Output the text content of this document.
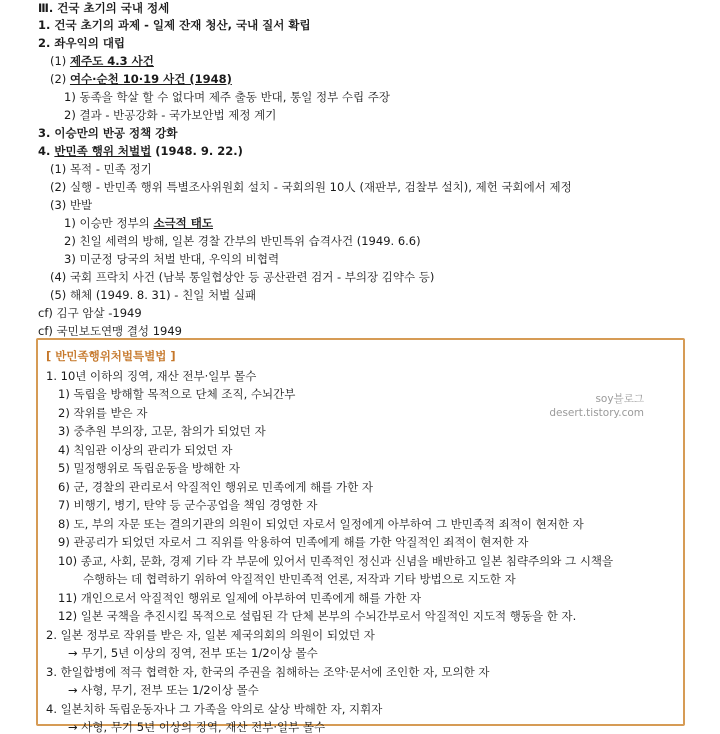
Ⅲ. 건국 초기의 국내 정세
1. 건국 초기의 과제 - 일제 잔재 청산, 국내 질서 확립
2. 좌우익의 대립
(1) 제주도 4.3 사건
(2) 여수·순천 10·19 사건 (1948)
1) 동족을 학살 할 수 없다며 제주 출동 반대, 통일 정부 수립 주장
2) 결과 - 반공강화 - 국가보안법 제정 계기
3. 이승만의 반공 정책 강화
4. 반민족 행위 처벌법 (1948. 9. 22.)
(1) 목적 - 민족 정기
(2) 실행 - 반민족 행위 특별조사위원회 설치 - 국회의원 10人 (재판부, 검찰부 설치), 제헌 국회에서 제정
(3) 반발
1) 이승만 정부의 소극적 태도
2) 친일 세력의 방해, 일본 경찰 간부의 반민특위 습격사건 (1949. 6.6)
3) 미군정 당국의 처벌 반대, 우익의 비협력
(4) 국회 프락치 사건 (남북 통일협상안 등 공산관련 검거 - 부의장 김약수 등)
(5) 해체 (1949. 8. 31) - 친일 처벌 실패
cf) 김구 암살 -1949
cf) 국민보도연맹 결성 1949
[ 반민족행위처벌특별법 ]
1. 10년 이하의 징역, 재산 전부·일부 몰수
1) 독립을 방해할 목적으로 단체 조직, 수뇌간부
2) 작위를 받은 자
3) 중추원 부의장, 고문, 참의가 되었던 자
4) 칙임관 이상의 관리가 되었던 자
5) 밀정행위로 독립운동을 방해한 자
6) 군, 경찰의 관리로서 악질적인 행위로 민족에게 해를 가한 자
7) 비행기, 병기, 탄약 등 군수공업을 책임 경영한 자
8) 도, 부의 자문 또는 결의기관의 의원이 되었던 자로서 일정에게 아부하여 그 반민족적 죄적이 현저한 자
9) 관공리가 되었던 자로서 그 직위를 악용하여 민족에게 해를 가한 악질적인 죄적이 현저한 자
10) 종교, 사회, 문화, 경제 기타 각 부문에 있어서 민족적인 정신과 신념을 배반하고 일본 침략주의와 그 시책을
수행하는 데 협력하기 위하여 악질적인 반민족적 언론, 저작과 기타 방법으로 지도한 자
11) 개인으로서 악질적인 행위로 일제에 아부하여 민족에게 해를 가한 자
12) 일본 국책을 추진시킬 목적으로 설립된 각 단체 본부의 수뇌간부로서 악질적인 지도적 행동을 한 자.
2. 일본 정부로 작위를 받은 자, 일본 제국의회의 의원이 되었던 자
→ 무기, 5년 이상의 징역, 전부 또는 1/2이상 몰수
3. 한일합병에 적극 협력한 자, 한국의 주권을 침해하는 조약·문서에 조인한 자, 모의한 자
→ 사형, 무기, 전부 또는 1/2이상 몰수
4. 일본치하 독립운동자나 그 가족을 악의로 살상 박해한 자, 지휘자
→ 사형, 무기 5년 이상의 징역, 재산 전부·일부 몰수
soy블로그
desert.tistory.com
